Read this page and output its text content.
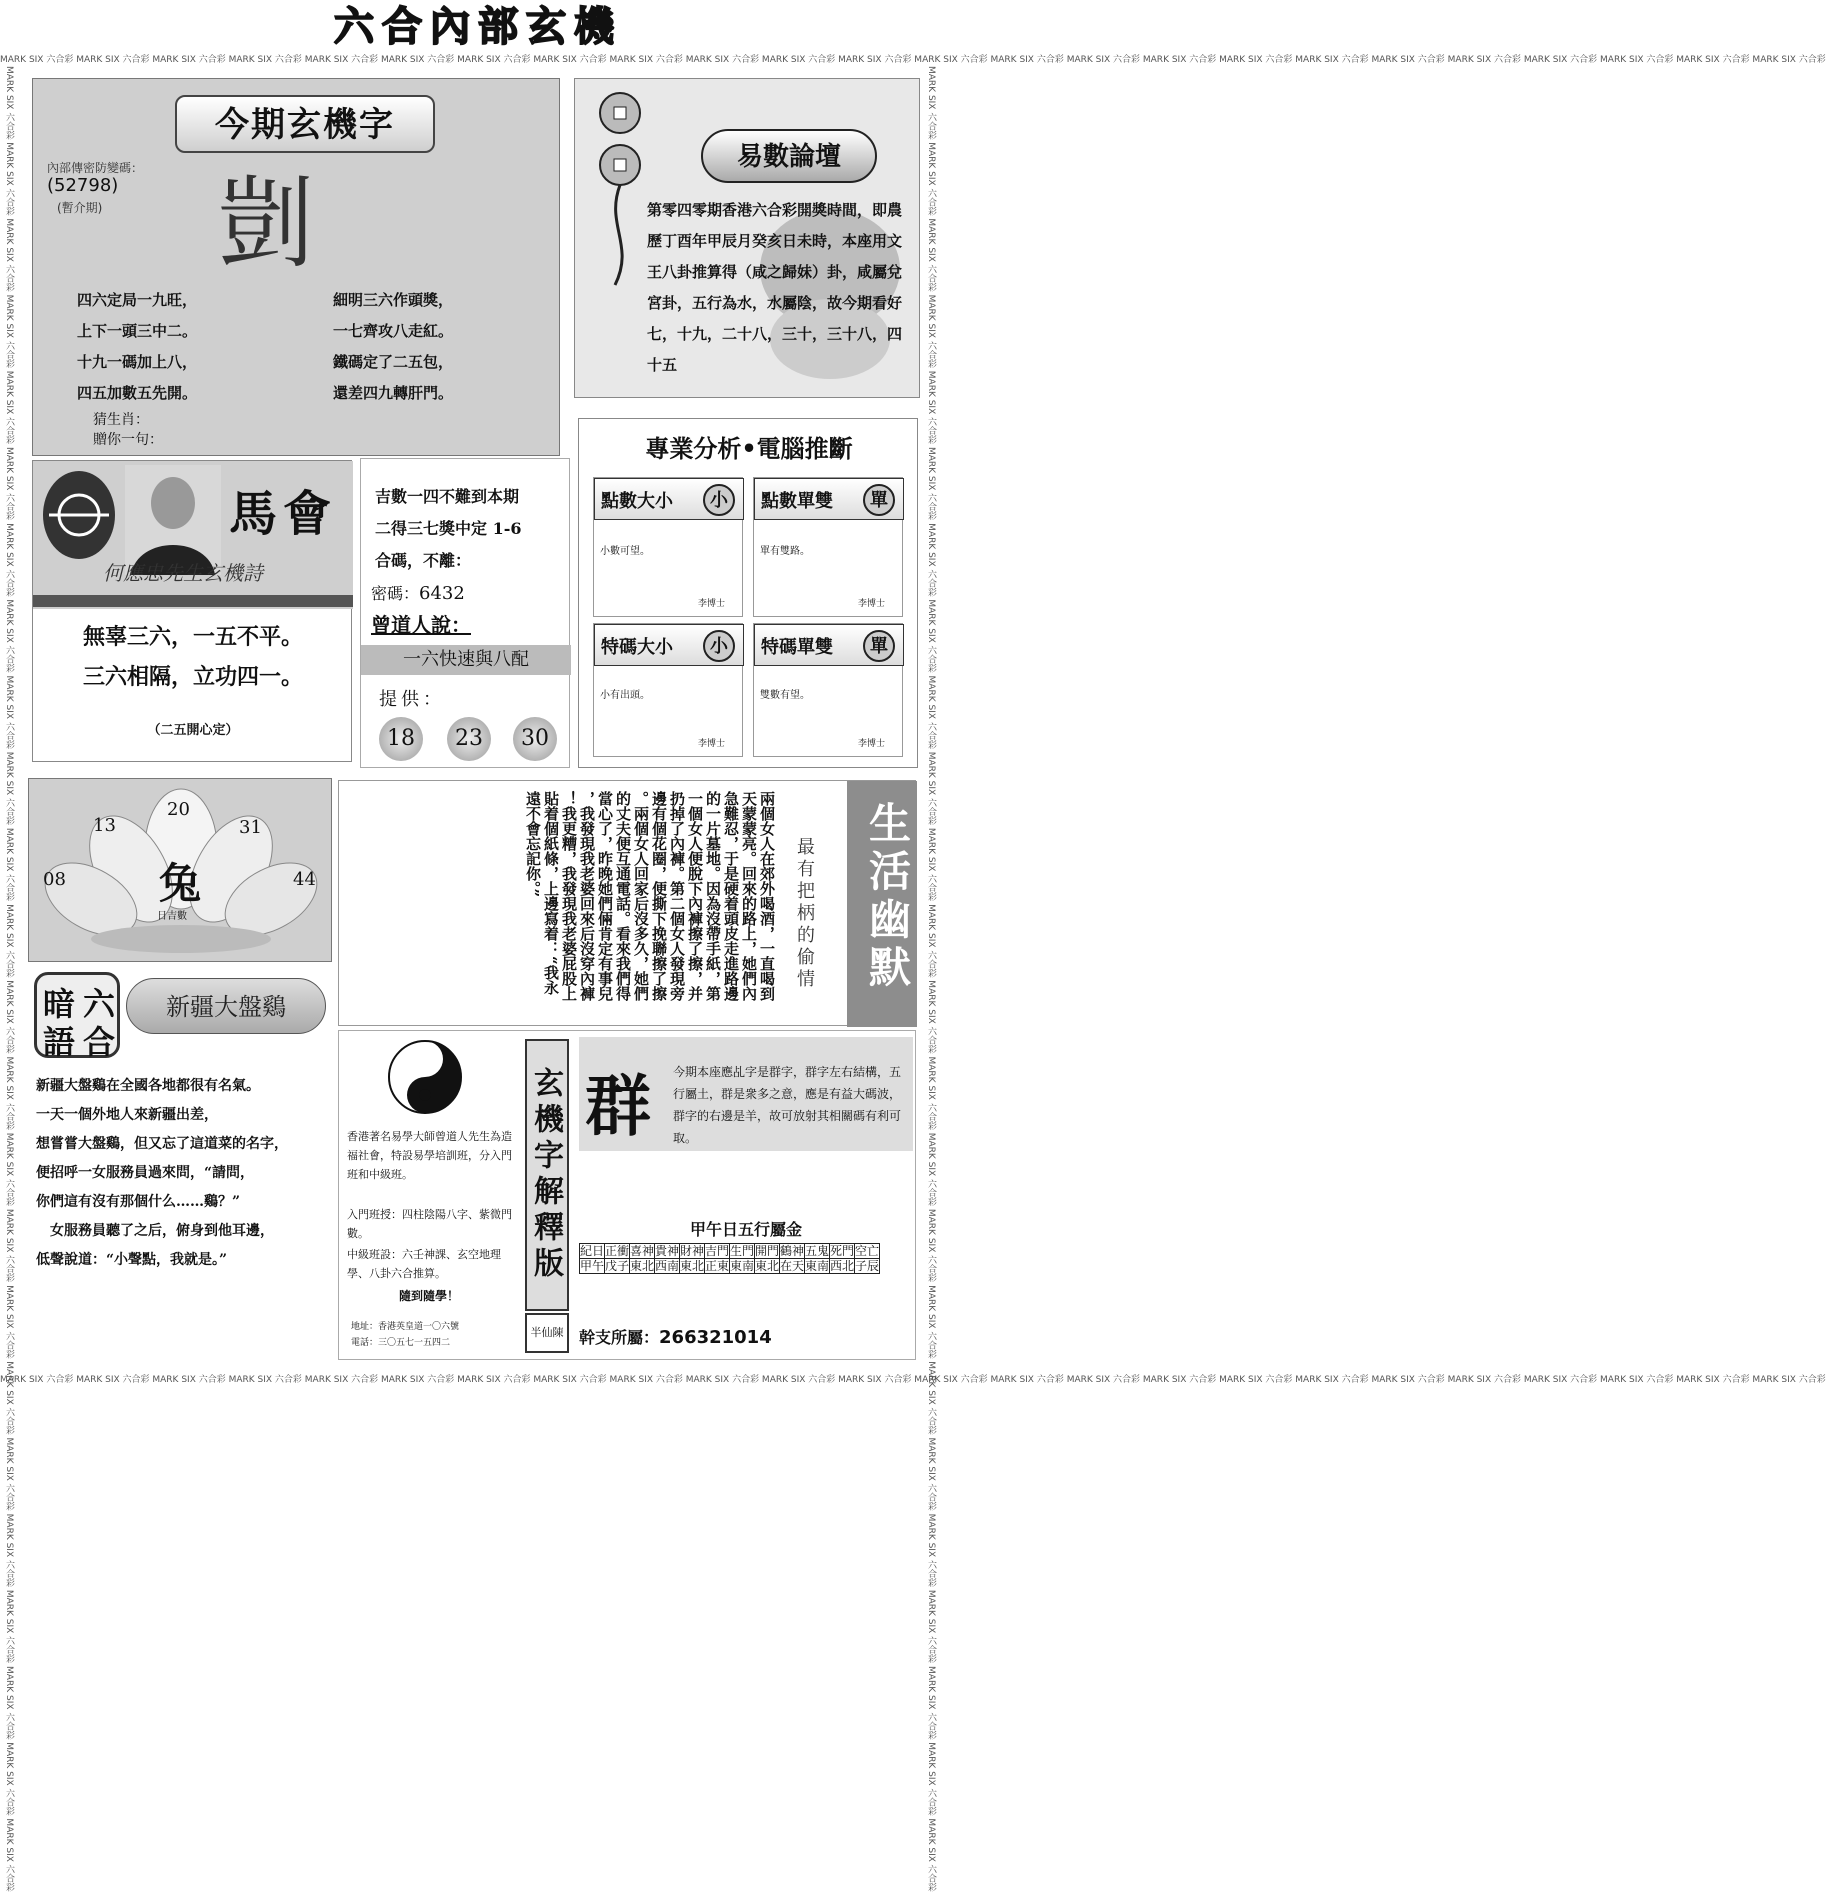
MARK SIX 六合彩 MARK SIX 六合彩 MARK SIX 六合彩 MARK SIX 六合彩 MARK SIX 六合彩 MARK SIX 六合彩 MARK SIX 六合彩 MARK SIX 六合彩 MARK SIX 六合彩 MARK SIX 六合彩 MARK SIX 六合彩 MARK SIX 六合彩 MARK SIX 六合彩 MARK SIX 六合彩 MARK SIX 六合彩 MARK SIX 六合彩 MARK SIX 六合彩 MARK SIX 六合彩 MARK SIX 六合彩 MARK SIX 六合彩 MARK SIX 六合彩 MARK SIX 六合彩 MARK SIX 六合彩 MARK SIX 六合彩
MARK SIX 六合彩 MARK SIX 六合彩 MARK SIX 六合彩 MARK SIX 六合彩 MARK SIX 六合彩 MARK SIX 六合彩 MARK SIX 六合彩 MARK SIX 六合彩 MARK SIX 六合彩 MARK SIX 六合彩 MARK SIX 六合彩 MARK SIX 六合彩 MARK SIX 六合彩 MARK SIX 六合彩 MARK SIX 六合彩 MARK SIX 六合彩 MARK SIX 六合彩 MARK SIX 六合彩 MARK SIX 六合彩 MARK SIX 六合彩 MARK SIX 六合彩 MARK SIX 六合彩 MARK SIX 六合彩 MARK SIX 六合彩
MARK SIX 六合彩 MARK SIX 六合彩 MARK SIX 六合彩 MARK SIX 六合彩 MARK SIX 六合彩 MARK SIX 六合彩 MARK SIX 六合彩 MARK SIX 六合彩 MARK SIX 六合彩 MARK SIX 六合彩 MARK SIX 六合彩 MARK SIX 六合彩 MARK SIX 六合彩 MARK SIX 六合彩 MARK SIX 六合彩 MARK SIX 六合彩 MARK SIX 六合彩 MARK SIX 六合彩 MARK SIX 六合彩 MARK SIX 六合彩 MARK SIX 六合彩 MARK SIX 六合彩 MARK SIX 六合彩 MARK SIX 六合彩	MARK SIX 六合彩 MARK SIX 六合彩 MARK SIX 六合彩 MARK SIX 六合彩 MARK SIX 六合彩 MARK SIX 六合彩 MARK SIX 六合彩 MARK SIX 六合彩 MARK SIX 六合彩 MARK SIX 六合彩 MARK SIX 六合彩 MARK SIX 六合彩 MARK SIX 六合彩 MARK SIX 六合彩 MARK SIX 六合彩 MARK SIX 六合彩 MARK SIX 六合彩 MARK SIX 六合彩 MARK SIX 六合彩 MARK SIX 六合彩 MARK SIX 六合彩 MARK SIX 六合彩 MARK SIX 六合彩 MARK SIX 六合彩
六合內部玄機
今期玄機字
內部傳密防變碼：
(52798)
(暫介期) 剴
四六定局一九旺，
上下一頭三中二。
十九一碼加上八，
四五加數五先開。
細明三六作頭獎，
一七齊攻八走紅。
鐵碼定了二五包，
還差四九轉肝門。
猜生肖：
贈你一句：
易數論壇
第零四零期香港六合彩開獎時間，即農歷丁酉年甲辰月癸亥日未時，本座用文王八卦推算得（咸之歸妹）卦，咸屬兌宮卦，五行為水，水屬陰，故今期看好七，十九，二十八，三十，三十八，四十五
馬會
何應忠先生玄機詩
無辜三六，一五不平。
三六相隔，立功四一。
（二五開心定）
吉數一四不難到本期
二得三七獎中定 1-6
合碼，不離：
密碼：6432
曾道人說：
一六快速與八配
提供：
18	23	30
專業分析•電腦推斷
點數大小	小
小數可望。
李博士
點數單雙	單
單有雙路。
李博士
特碼大小	小
小有出頭。
李博士
特碼單雙	單
雙數有望。
李博士
20
13	31
08	44
兔
日吉數	兩個女人在郊外喝酒，一直喝到
天蒙蒙亮。回來的路上，她們內
急難忍，于是硬着頭皮走進路邊
的一片墓地。因為沒帶手紙，第
一個女人便脫下內褲擦了擦，并
扔掉了內褲。第二個女人發現旁
邊有個花圈，便撕下挽聯擦了擦
。兩個女人回家后沒多久，她們
的丈夫便互通電話。看來我們得
當心了，昨晚她們倆肯定有事兒
，我發現我老婆回來后沒穿內褲
！我更糟，我發現我老婆屁股上
貼着個紙條，上邊寫着：“我永
遠不會忘記你。”	最有把柄的偷情 生活幽默
暗 六
語 合
新疆大盤鷄
新疆大盤鷄在全國各地都很有名氣。
一天一個外地人來新疆出差，
想嘗嘗大盤鷄，但又忘了這道菜的名字，
便招呼一女服務員過來問，“請問，
你們這有沒有那個什么……鷄？”
　女服務員聽了之后，俯身到他耳邊，
低聲說道：“小聲點，我就是。”
香港著名易學大師曾道人先生為造福社會，特設易學培訓班，分入門班和中級班。
入門班授：四柱陰陽八字、紫微門數。
中級班設：六壬神課、玄空地理學、八卦六合推算。
隨到隨學！
地址：香港英皇道一〇六號
電話：三〇五七一五四二
玄機字解釋版
半仙陳
群 今期本座應乩字是群字，群字左右結構，五行屬土，群是衆多之意，應是有益大碼波，群字的右邊是羊，故可放射其相關碼有利可取。
甲午日五行屬金
紀日	正衝	喜神	貴神	財神	吉門	生門	開門	鶴神	五鬼	死門	空亡
甲午	戊子	東北	西南	東北	正東	東南	東北	在天	東南	西北	子辰
幹支所屬：266321014
